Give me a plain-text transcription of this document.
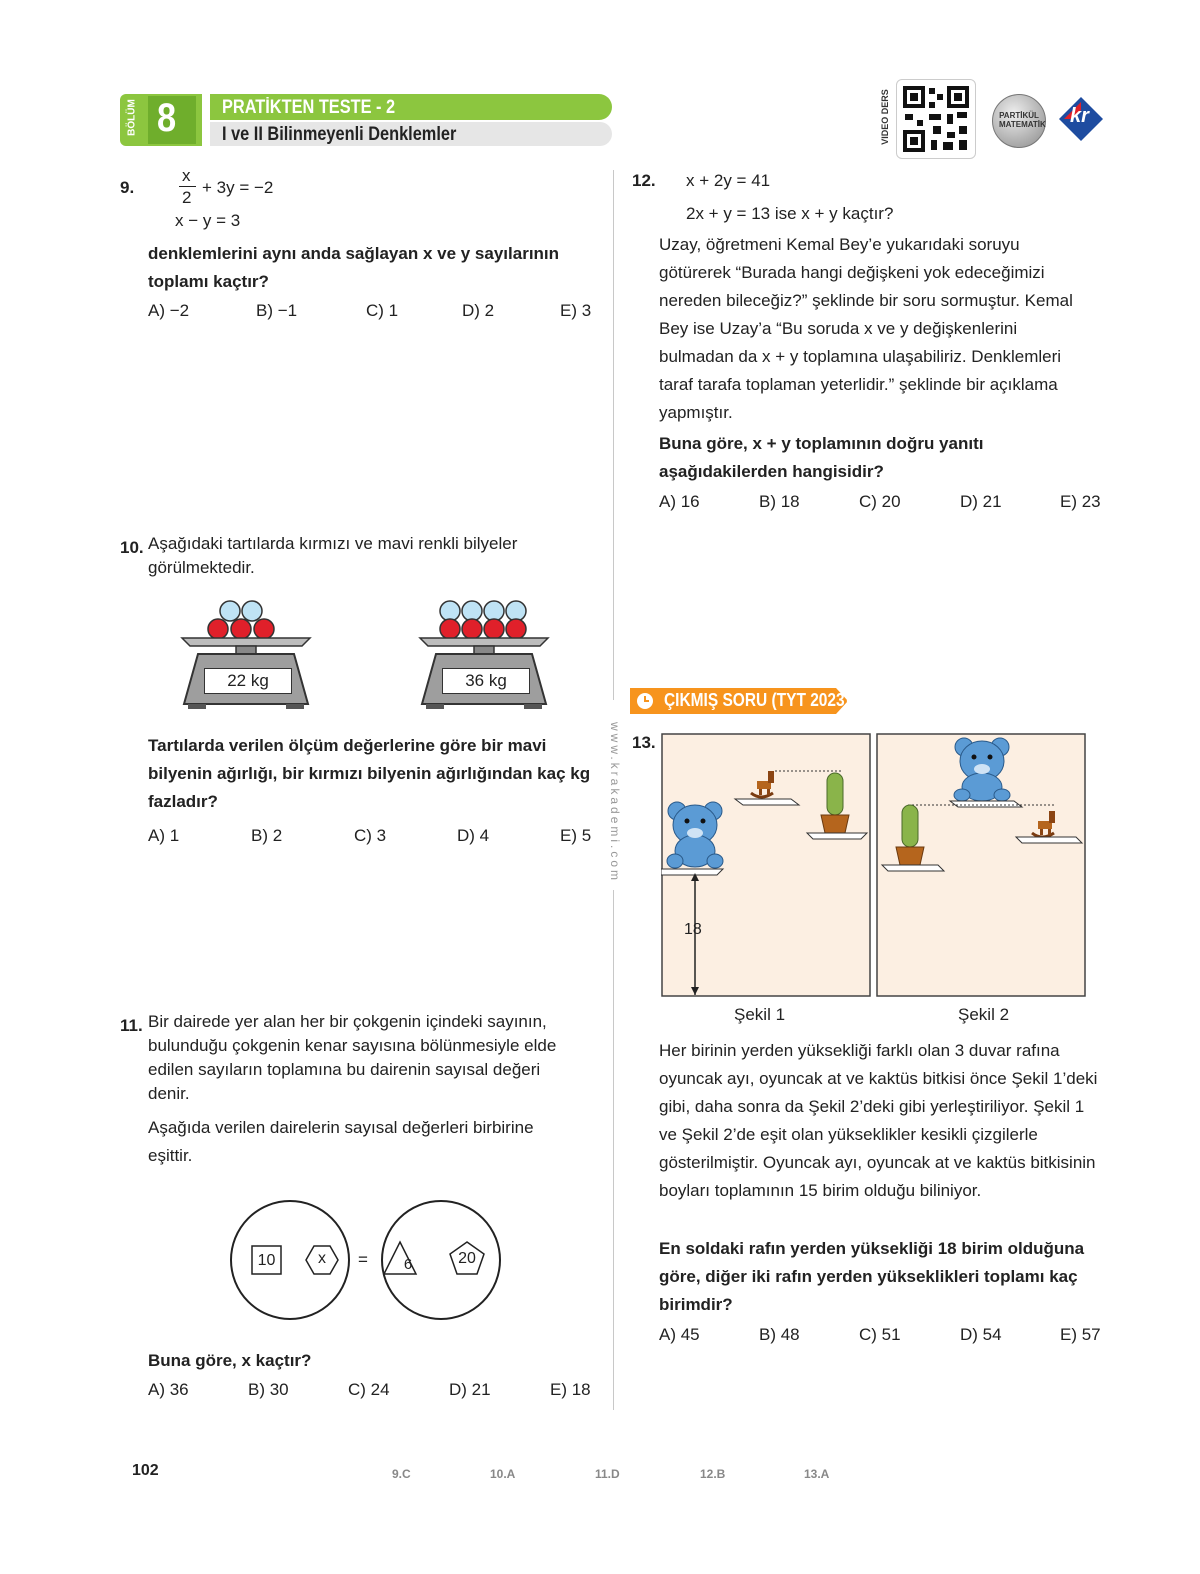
BÖLÜM 8 PRATİKTEN TESTE - 2
I ve II Bilinmeyenli Denklemler	VIDEO DERS	PARTİKÜL MATEMATİK kr
www.krakademi.com
9.
x
2
+ 3y = −2
x − y = 3
denklemlerini aynı anda sağlayan x ve y sayılarının toplamı kaçtır?
A) −2	B) −1	C) 1	D) 2	E) 3
10. Aşağıdaki tartılarda kırmızı ve mavi renkli bilyeler görülmektedir.
22 kg	36 kg
Tartılarda verilen ölçüm değerlerine göre bir mavi bilyenin ağırlığı, bir kırmızı bilyenin ağırlığından kaç kg fazladır?
A) 1	B) 2	C) 3	D) 4	E) 5
11. Bir dairede yer alan her bir çokgenin içindeki sayının, bulunduğu çokgenin kenar sayısına bölünmesiyle elde edilen sayıların toplamına bu dairenin sayısal değeri denir.
Aşağıda verilen dairelerin sayısal değerleri birbirine eşittir.
10	x	=	6	20
Buna göre, x kaçtır?
A) 36	B) 30	C) 24	D) 21	E) 18
12. x + 2y = 41
2x + y = 13 ise x + y kaçtır?
Uzay, öğretmeni Kemal Bey’e yukarıdaki soruyu götürerek “Burada hangi değişkeni yok edeceğimizi nereden bileceğiz?” şeklinde bir soru sormuştur. Kemal Bey ise Uzay’a “Bu soruda x ve y değişkenlerini bulmadan da x + y toplamına ulaşabiliriz. Denklemleri taraf tarafa toplaman yeterlidir.” şeklinde bir açıklama yapmıştır.
Buna göre, x + y toplamının doğru yanıtı aşağıdakilerden hangisidir?
A) 16	B) 18	C) 20	D) 21	E) 23
ÇIKMIŞ SORU (TYT 2023)
13.
18
Şekil 1	Şekil 2
Her birinin yerden yüksekliği farklı olan 3 duvar rafına oyuncak ayı, oyuncak at ve kaktüs bitkisi önce Şekil 1’deki gibi, daha sonra da Şekil 2’deki gibi yerleştiriliyor. Şekil 1 ve Şekil 2’de eşit olan yükseklikler kesikli çizgilerle gösterilmiştir. Oyuncak ayı, oyuncak at ve kaktüs bitkisinin boyları toplamının 15 birim olduğu biliniyor.
En soldaki rafın yerden yüksekliği 18 birim olduğuna göre, diğer iki rafın yerden yükseklikleri toplamı kaç birimdir?
A) 45	B) 48	C) 51	D) 54	E) 57
102	9.C	10.A	11.D	12.B	13.A
